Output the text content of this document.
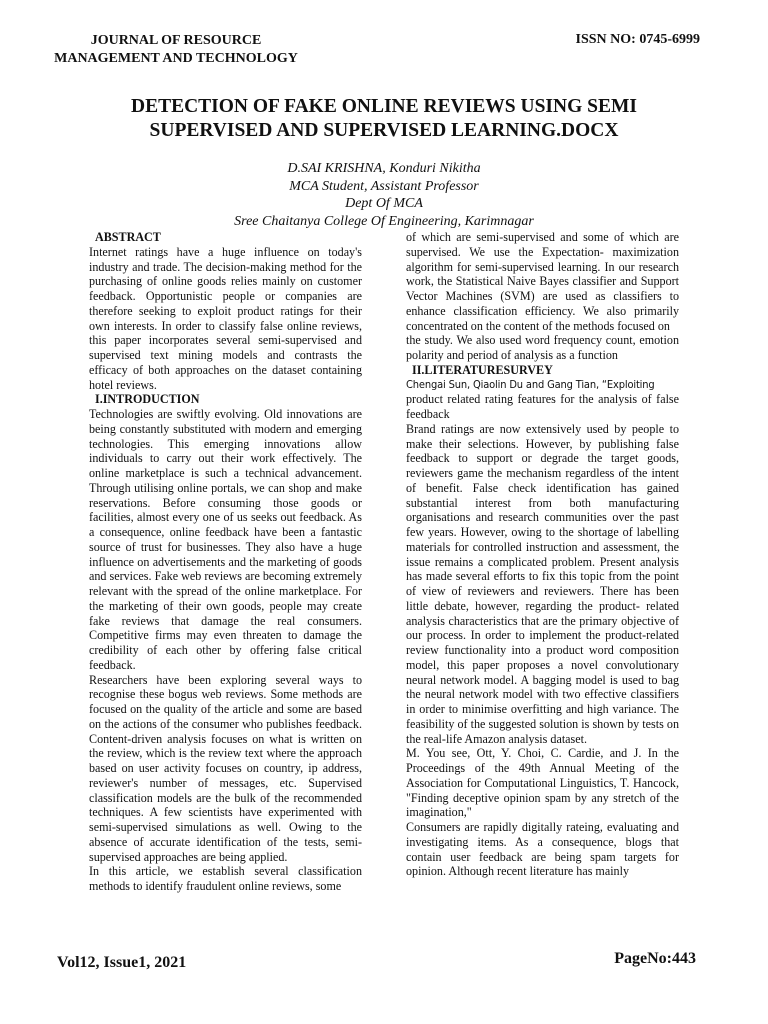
JOURNAL OF RESOURCE
MANAGEMENT AND TECHNOLOGY
ISSN NO: 0745-6999
DETECTION OF FAKE ONLINE REVIEWS USING SEMI
SUPERVISED AND SUPERVISED LEARNING.DOCX
D.SAI KRISHNA, Konduri Nikitha
MCA Student, Assistant Professor
Dept Of MCA
Sree Chaitanya College Of Engineering, Karimnagar

ABSTRACT

Internet ratings have a huge influence on today's industry and trade. The decision-making method for the purchasing of online goods relies mainly on customer feedback. Opportunistic people or companies are therefore seeking to exploit product ratings for their own interests. In order to classify false online reviews, this paper incorporates several semi-supervised and supervised text mining models and contrasts the efficacy of both approaches on the dataset containing hotel reviews.

I.INTRODUCTION

Technologies are swiftly evolving. Old innovations are being constantly substituted with modern and emerging technologies. This emerging innovations allow individuals to carry out their work effectively. The online marketplace is such a technical advancement. Through utilising online portals, we can shop and make reservations. Before consuming those goods or facilities, almost every one of us seeks out feedback. As a consequence, online feedback have been a fantastic source of trust for businesses. They also have a huge influence on advertisements and the marketing of goods and services. Fake web reviews are becoming extremely relevant with the spread of the online marketplace. For the marketing of their own goods, people may create fake reviews that damage the real consumers. Competitive firms may even threaten to damage the credibility of each other by offering false critical feedback.

Researchers have been exploring several ways to recognise these bogus web reviews. Some methods are focused on the quality of the article and some are based on the actions of the consumer who publishes feedback. Content-driven analysis focuses on what is written on the review, which is the review text where the approach based on user activity focuses on country, ip address, reviewer's number of messages, etc. Supervised classification models are the bulk of the recommended techniques. A few scientists have experimented with semi-supervised simulations as well. Owing to the absence of accurate identification of the tests, semi-supervised approaches are being applied.

In this article, we establish several classification methods to identify fraudulent online reviews, some

of which are semi-supervised and some of which are supervised. We use the Expectation- maximization algorithm for semi-supervised learning. In our research work, the Statistical Naive Bayes classifier and Support Vector Machines (SVM) are used as classifiers to enhance classification efficiency. We also primarily concentrated on the content of the methods focused on

the study. We also used word frequency count, emotion polarity and period of analysis as a function

II.LITERATURESURVEY

Chengai Sun, Qiaolin Du and Gang Tian, “Exploiting

product related rating features for the analysis of false feedback

Brand ratings are now extensively used by people to make their selections. However, by publishing false feedback to support or degrade the target goods, reviewers game the mechanism regardless of the intent of benefit. False check identification has gained substantial interest from both manufacturing organisations and research communities over the past few years. However, owing to the shortage of labelling materials for controlled instruction and assessment, the issue remains a complicated problem. Present analysis has made several efforts to fix this topic from the point of view of reviewers and reviewers. There has been little debate, however, regarding the product- related analysis characteristics that are the primary objective of our process. In order to implement the product-related review functionality into a product word composition model, this paper proposes a novel convolutionary neural network model. A bagging model is used to bag the neural network model with two effective classifiers in order to minimise overfitting and high variance. The feasibility of the suggested solution is shown by tests on the real-life Amazon analysis dataset.

M. You see, Ott, Y. Choi, C. Cardie, and J. In the Proceedings of the 49th Annual Meeting of the Association for Computational Linguistics, T. Hancock, "Finding deceptive opinion spam by any stretch of the imagination,"

Consumers are rapidly digitally rateing, evaluating and investigating items. As a consequence, blogs that contain user feedback are being spam targets for opinion. Although recent literature has mainly

Vol12, Issue1, 2021	PageNo:443
